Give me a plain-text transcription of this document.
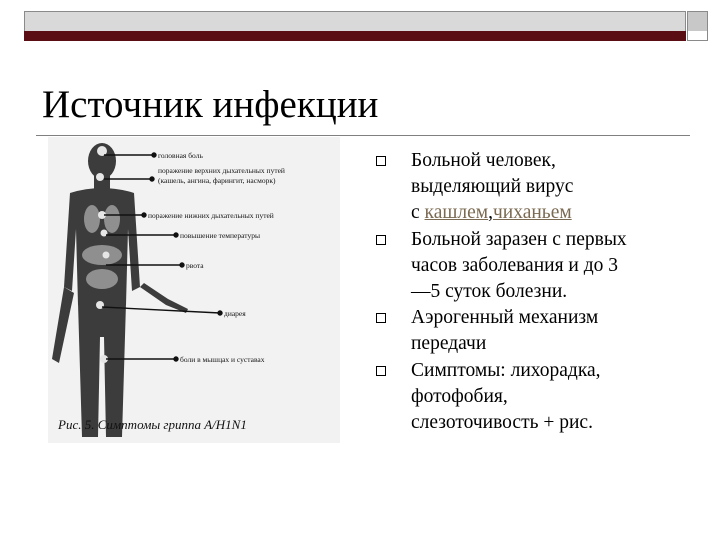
Источник инфекции
головная боль
поражение верхних дыхательных путей
(кашель, ангина, фарингит, насморк)
поражение нижних дыхательных путей
повышение температуры
рвота
диарея
боли в мышцах и суставах
Рис. 5. Симптомы гриппа A/H1N1
Больной человек,
выделяющий вирус
с кашлем,чиханьем
Больной заразен с первых
часов заболевания и до 3
—5 суток болезни.
Аэрогенный механизм
передачи
Симптомы: лихорадка,
фотофобия,
слезоточивость + рис.
